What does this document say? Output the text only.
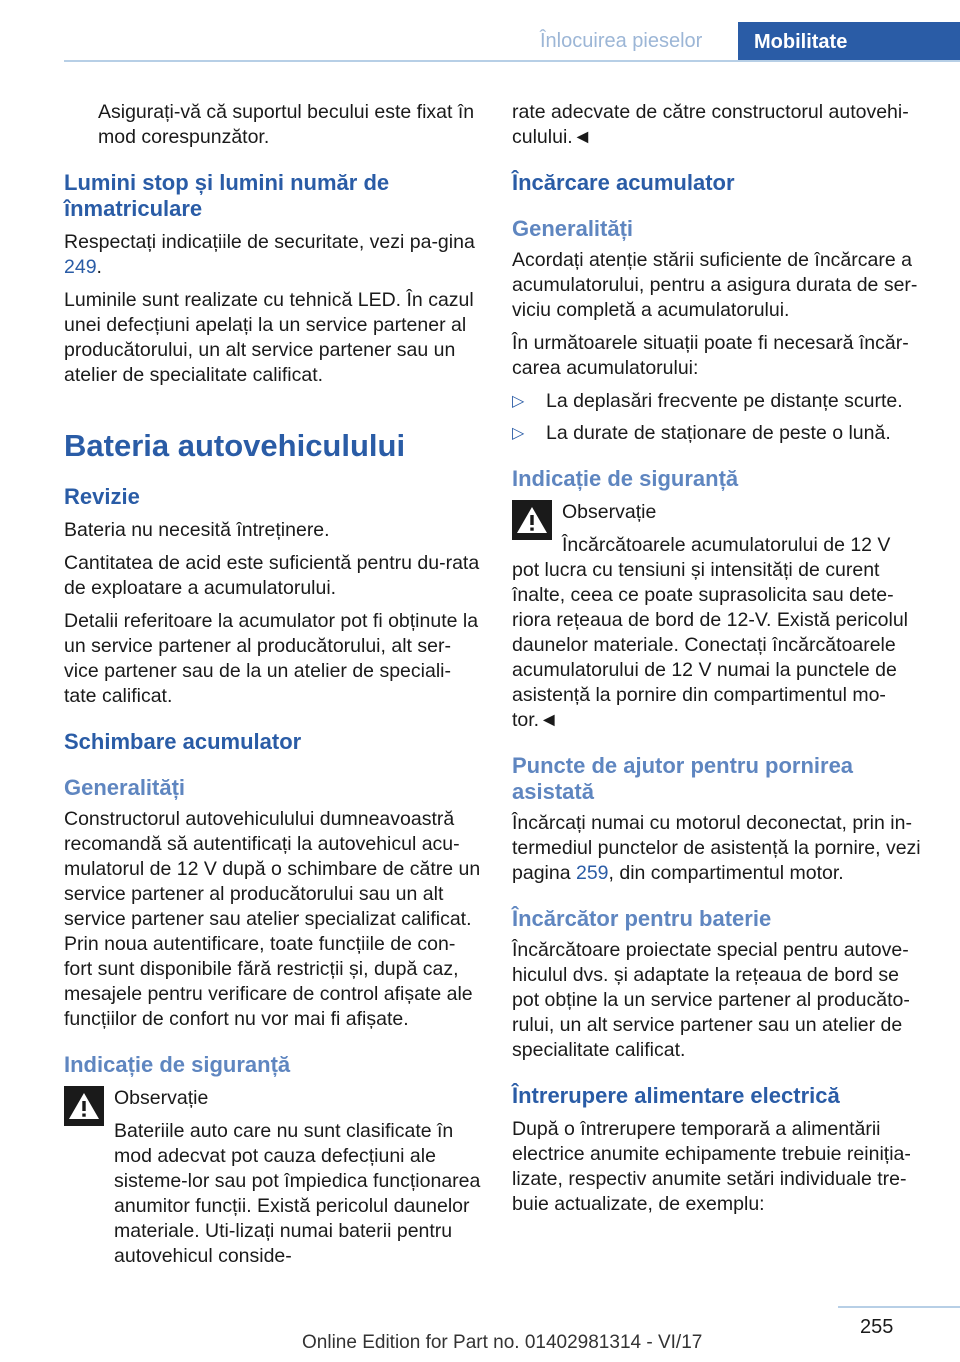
Înlocuirea pieselor	Mobilitate

Asigurați-vă că suportul becului este fixat în mod corespunzător.

Lumini stop și lumini număr de înmatriculare

Respectați indicațiile de securitate, vezi pa‐gina 249.

Luminile sunt realizate cu tehnică LED. În cazul unei defecțiuni apelați la un service partener al producătorului, un alt service partener sau un atelier de specialitate calificat.

Bateria autovehiculului
Revizie

Bateria nu necesită întreținere.

Cantitatea de acid este suficientă pentru du‐rata de exploatare a acumulatorului.

Detalii referitoare la acumulator pot fi obținute la un service partener al producătorului, alt ser‐vice partener sau de la un atelier de speciali‐tate calificat.

Schimbare acumulator
Generalități

Constructorul autovehiculului dumneavoastră recomandă să autentificați la autovehicul acu‐mulatorul de 12 V după o schimbare de către un service partener al producătorului sau un alt service partener sau atelier specializat calificat. Prin noua autentificare, toate funcțiile de con‐fort sunt disponibile fără restricții și, după caz, mesajele pentru verificare de control afișate ale funcțiilor de confort nu vor mai fi afișate.

Indicație de siguranță

Observație

Bateriile auto care nu sunt clasificate în mod adecvat pot cauza defecțiuni ale sisteme‐lor sau pot împiedica funcționarea anumitor funcții. Există pericolul daunelor materiale. Uti‐lizați numai baterii pentru autovehicul conside‐

rate adecvate de către constructorul autovehi‐culului.◄

Încărcare acumulator
Generalități

Acordați atenție stării suficiente de încărcare a acumulatorului, pentru a asigura durata de ser‐viciu completă a acumulatorului.

În următoarele situații poate fi necesară încăr‐carea acumulatorului:

▷ La deplasări frecvente pe distanțe scurte.
▷ La durate de staționare de peste o lună.
Indicație de siguranță

Observație

Încărcătoarele acumulatorului de 12 V

pot lucra cu tensiuni și intensități de curent înalte, ceea ce poate suprasolicita sau dete‐riora rețeaua de bord de 12-V. Există pericolul daunelor materiale. Conectați încărcătoarele acumulatorului de 12 V numai la punctele de asistență la pornire din compartimentul mo‐tor.◄

Puncte de ajutor pentru pornirea asistată

Încărcați numai cu motorul deconectat, prin in‐termediul punctelor de asistență la pornire, vezi pagina 259, din compartimentul motor.

Încărcător pentru baterie

Încărcătoare proiectate special pentru autove‐hiculul dvs. și adaptate la rețeaua de bord se pot obține la un service partener al producăto‐rului, un alt service partener sau un atelier de specialitate calificat.

Întrerupere alimentare electrică

După o întrerupere temporară a alimentării electrice anumite echipamente trebuie reiniția‐lizate, respectiv anumite setări individuale tre‐buie actualizate, de exemplu:

255
Online Edition for Part no. 01402981314 - VI/17
